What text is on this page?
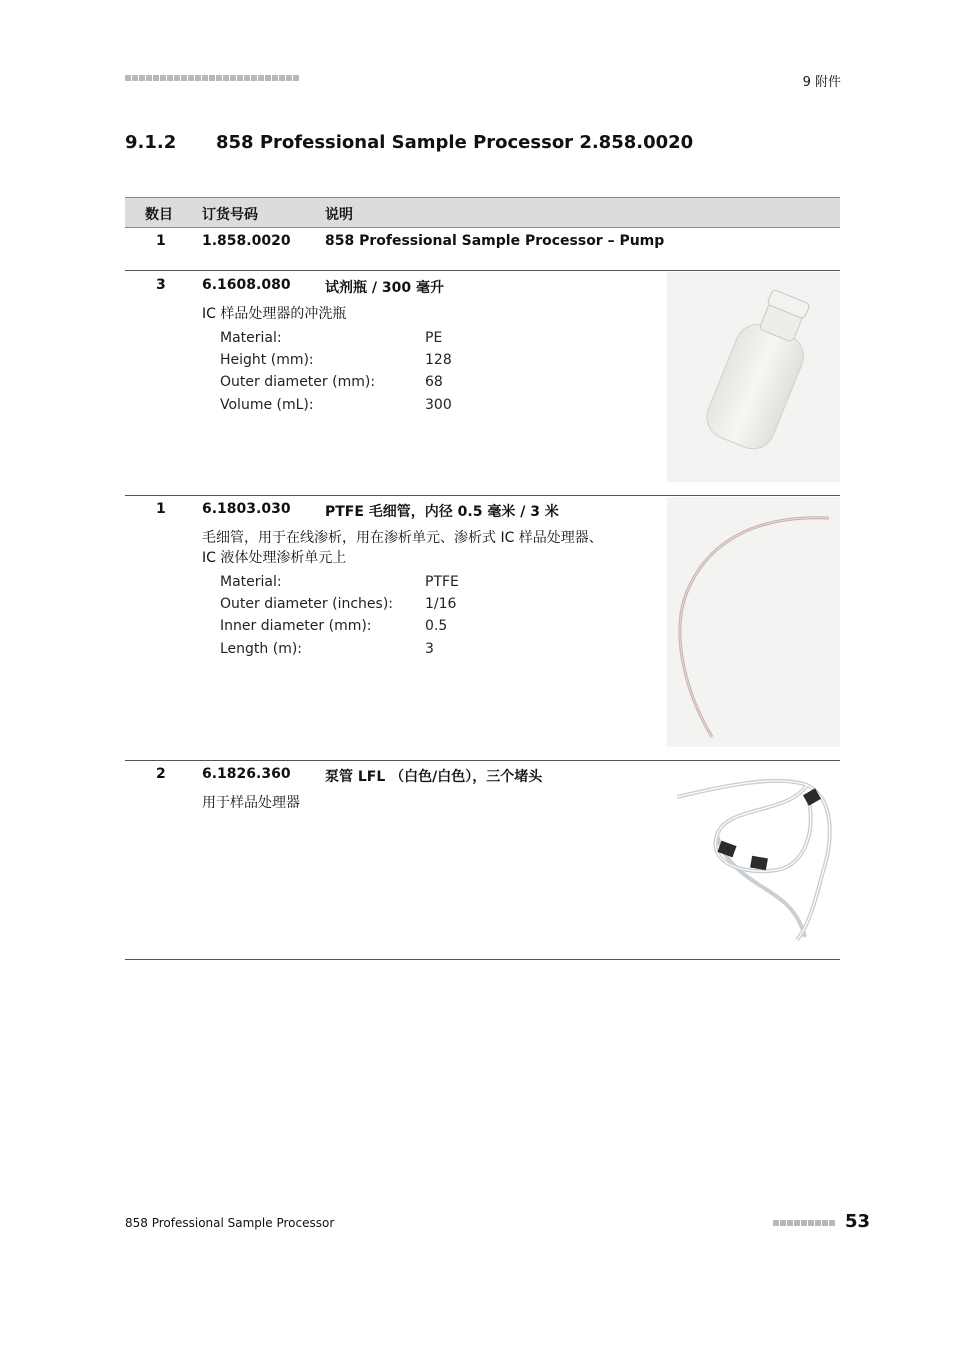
9 附件
9.1.2 858 Professional Sample Processor 2.858.0020
数目 订货号码	说明
1	1.858.0020 858 Professional Sample Processor – Pump
3	6.1608.080 试剂瓶 / 300 毫升
IC 样品处理器的冲洗瓶
Material:	PE
Height (mm):	128
Outer diameter (mm):	68
Volume (mL):	300
1	6.1803.030 PTFE 毛细管，内径 0.5 毫米 / 3 米
毛细管，用于在线渗析，用在渗析单元、渗析式 IC 样品处理器、
IC 液体处理渗析单元上
Material:	PTFE
Outer diameter (inches): 1/16
Inner diameter (mm):	0.5
Length (m):	3
2	6.1826.360 泵管 LFL （白色/白色），三个堵头
用于样品处理器
858 Professional Sample Processor	53
